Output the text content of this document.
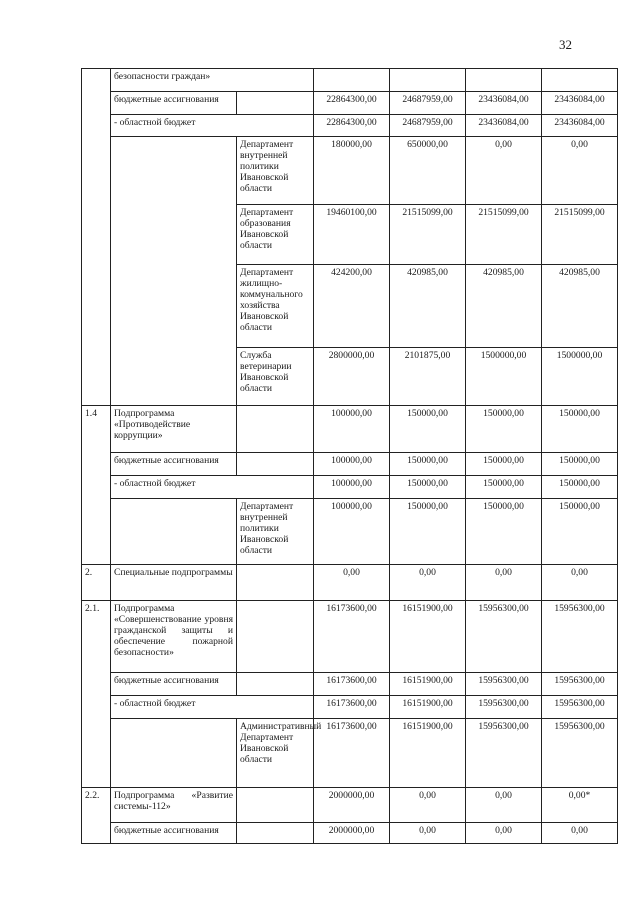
32
	безопасности граждан»					
	бюджетные ассигнования		22864300,00	24687959,00	23436084,00	23436084,00
	- областной бюджет		22864300,00	24687959,00	23436084,00	23436084,00
		Департамент внутренней политики Ивановской области	180000,00	650000,00	0,00	0,00
		Департамент образования Ивановской области	19460100,00	21515099,00	21515099,00	21515099,00
		Департамент жилищно-коммунального хозяйства Ивановской области	424200,00	420985,00	420985,00	420985,00
		Служба ветеринарии Ивановской области	2800000,00	2101875,00	1500000,00	1500000,00
1.4	Подпрограмма «Противодействие коррупции»		100000,00	150000,00	150000,00	150000,00
	бюджетные ассигнования		100000,00	150000,00	150000,00	150000,00
	- областной бюджет		100000,00	150000,00	150000,00	150000,00
		Департамент внутренней политики Ивановской области	100000,00	150000,00	150000,00	150000,00
2.	Специальные подпрограммы		0,00	0,00	0,00	0,00
2.1.	Подпрограмма «Совершенствование уровня гражданской защиты и обеспечение пожарной безопасности»		16173600,00	16151900,00	15956300,00	15956300,00
	бюджетные ассигнования		16173600,00	16151900,00	15956300,00	15956300,00
	- областной бюджет		16173600,00	16151900,00	15956300,00	15956300,00
		Административный Департамент Ивановской области	16173600,00	16151900,00	15956300,00	15956300,00
2.2.	Подпрограмма «Развитие системы-112»		2000000,00	0,00	0,00	0,00*
	бюджетные ассигнования		2000000,00	0,00	0,00	0,00
